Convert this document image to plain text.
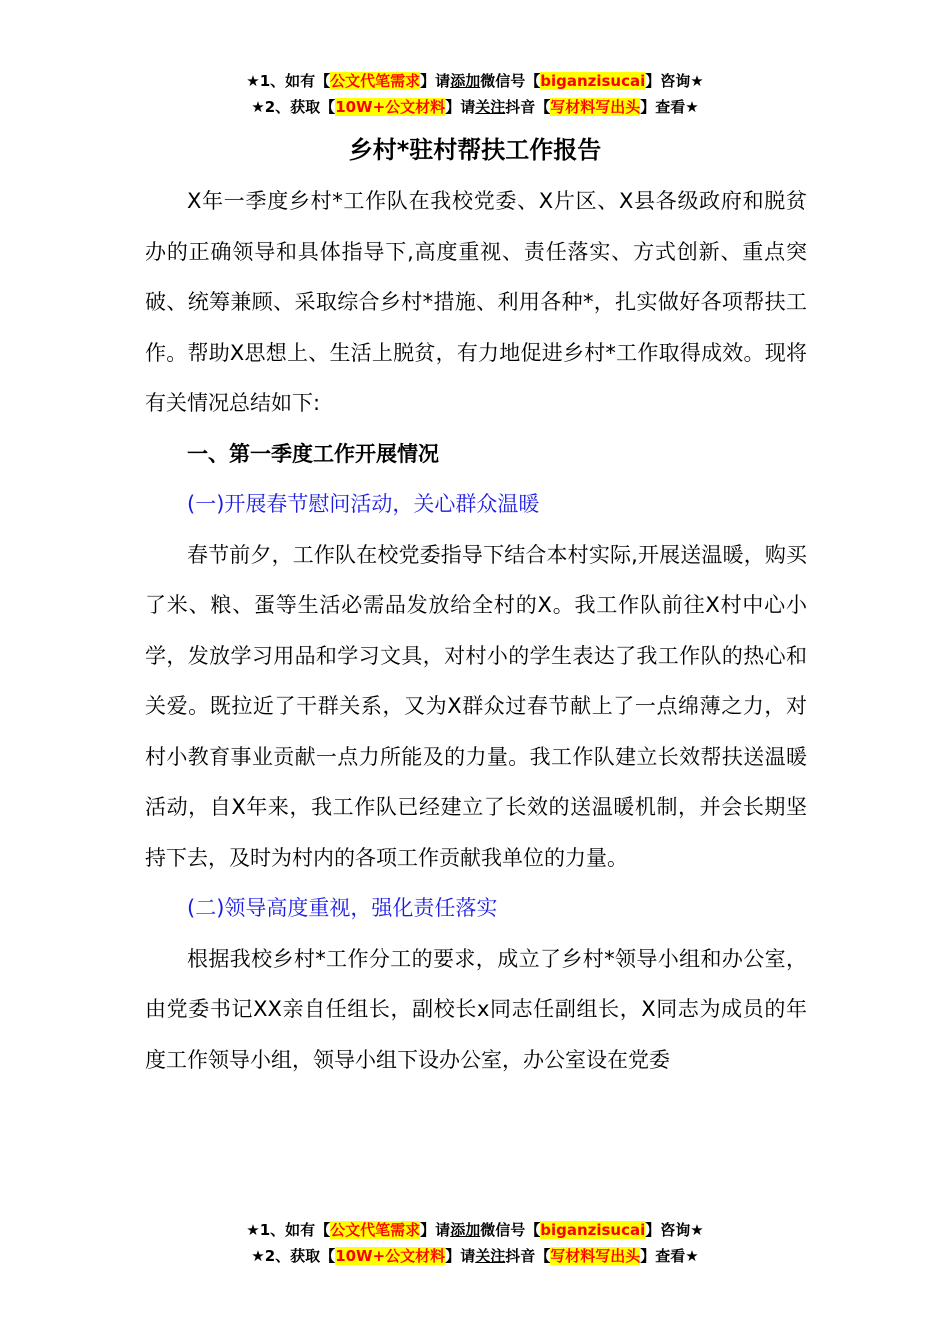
★1、如有【公文代笔需求】请添加微信号【biganzisucai】咨询★
★2、获取【10W+公文材料】请关注抖音【写材料写出头】查看★
乡村*驻村帮扶工作报告

X年一季度乡村*工作队在我校党委、X片区、X县各级政府和脱贫办的正确领导和具体指导下,高度重视、责任落实、方式创新、重点突破、统筹兼顾、采取综合乡村*措施、利用各种*，扎实做好各项帮扶工作。帮助X思想上、生活上脱贫，有力地促进乡村*工作取得成效。现将有关情况总结如下:

一、第一季度工作开展情况

(一)开展春节慰问活动，关心群众温暖

春节前夕，工作队在校党委指导下结合本村实际,开展送温暖，购买了米、粮、蛋等生活必需品发放给全村的X。我工作队前往X村中心小学，发放学习用品和学习文具，对村小的学生表达了我工作队的热心和关爱。既拉近了干群关系，又为X群众过春节献上了一点绵薄之力，对村小教育事业贡献一点力所能及的力量。我工作队建立长效帮扶送温暖活动，自X年来，我工作队已经建立了长效的送温暖机制，并会长期坚持下去，及时为村内的各项工作贡献我单位的力量。

(二)领导高度重视，强化责任落实

根据我校乡村*工作分工的要求，成立了乡村*领导小组和办公室，由党委书记XX亲自任组长，副校长x同志任副组长，X同志为成员的年度工作领导小组，领导小组下设办公室，办公室设在党委

★1、如有【公文代笔需求】请添加微信号【biganzisucai】咨询★
★2、获取【10W+公文材料】请关注抖音【写材料写出头】查看★
